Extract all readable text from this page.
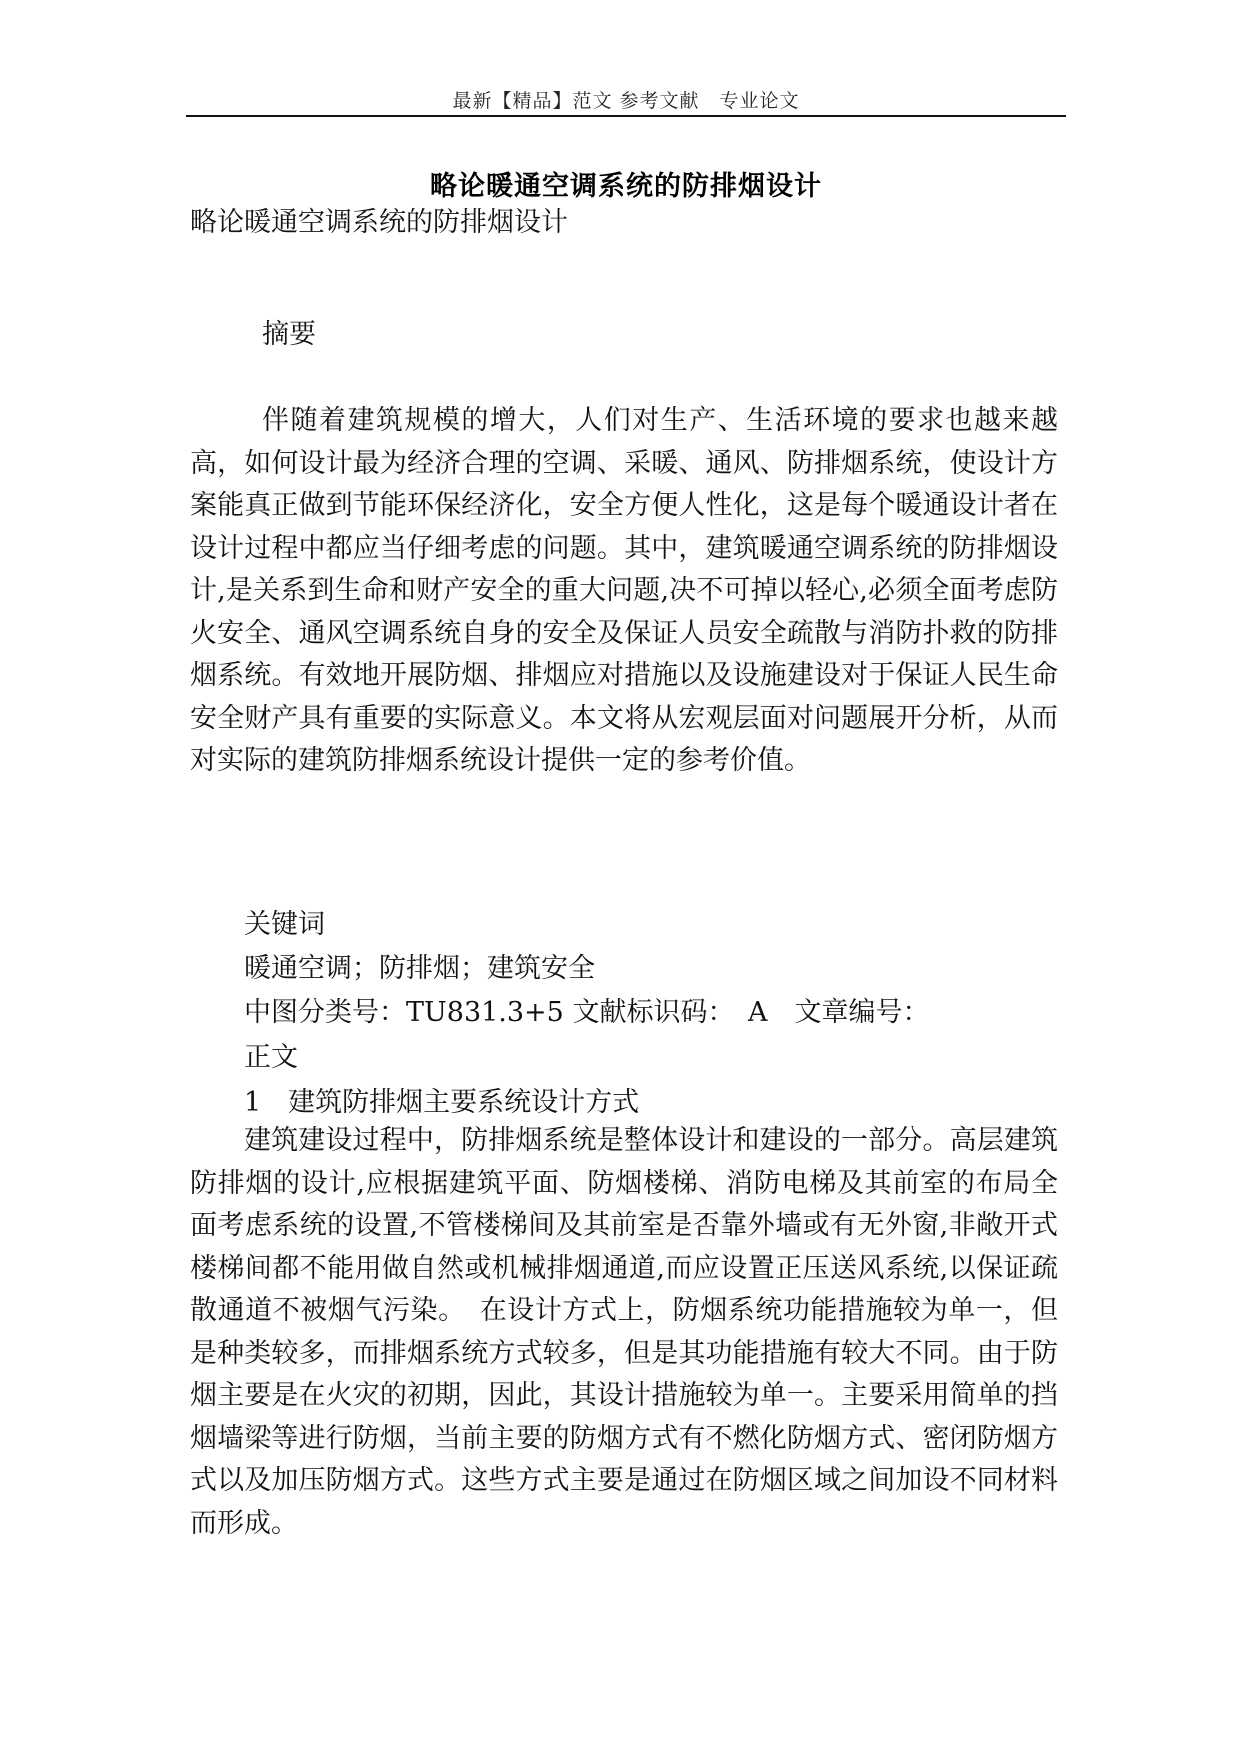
最新【精品】范文 参考文献　专业论文
略论暖通空调系统的防排烟设计
略论暖通空调系统的防排烟设计
摘要
伴随着建筑规模的增大，人们对生产、生活环境的要求也越来越高，如何设计最为经济合理的空调、采暖、通风、防排烟系统，使设计方案能真正做到节能环保经济化，安全方便人性化，这是每个暖通设计者在设计过程中都应当仔细考虑的问题。其中，建筑暖通空调系统的防排烟设计,是关系到生命和财产安全的重大问题,决不可掉以轻心,必须全面考虑防火安全、通风空调系统自身的安全及保证人员安全疏散与消防扑救的防排烟系统。有效地开展防烟、排烟应对措施以及设施建设对于保证人民生命安全财产具有重要的实际意义。本文将从宏观层面对问题展开分析，从而对实际的建筑防排烟系统设计提供一定的参考价值。
关键词
暖通空调；防排烟；建筑安全
中图分类号：TU831.3+5 文献标识码：　A　文章编号：
正文
1　建筑防排烟主要系统设计方式
建筑建设过程中，防排烟系统是整体设计和建设的一部分。高层建筑防排烟的设计,应根据建筑平面、防烟楼梯、消防电梯及其前室的布局全面考虑系统的设置,不管楼梯间及其前室是否靠外墙或有无外窗,非敞开式楼梯间都不能用做自然或机械排烟通道,而应设置正压送风系统,以保证疏散通道不被烟气污染。　在设计方式上，防烟系统功能措施较为单一，但是种类较多，而排烟系统方式较多，但是其功能措施有较大不同。由于防烟主要是在火灾的初期，因此，其设计措施较为单一。主要采用简单的挡烟墙梁等进行防烟，当前主要的防烟方式有不燃化防烟方式、密闭防烟方式以及加压防烟方式。这些方式主要是通过在防烟区域之间加设不同材料而形成。
